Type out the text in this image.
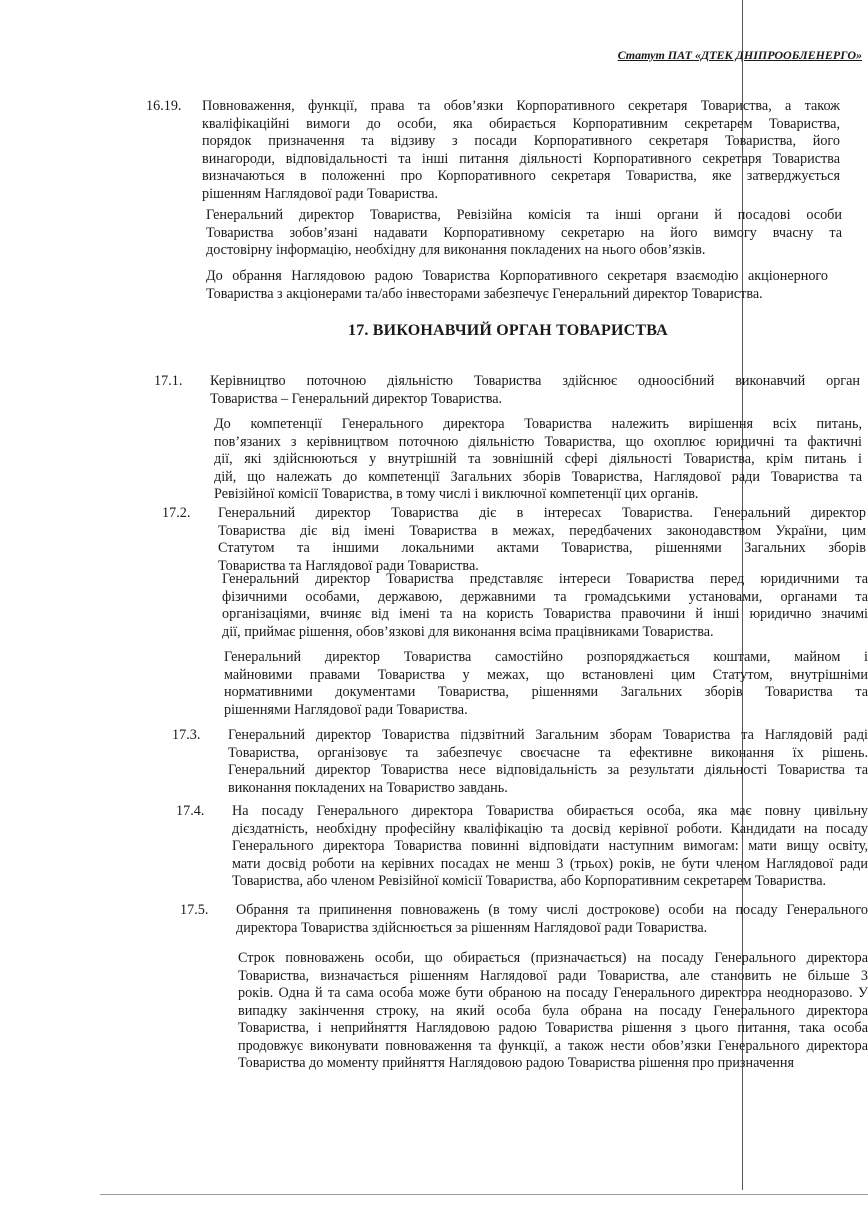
Статут ПАТ «ДТЕК ДНІПРООБЛЕНЕРГО»
17. ВИКОНАВЧИЙ ОРГАН ТОВАРИСТВА
16.19. Повноваження, функції, права та обов’язки Корпоративного секретаря Товариства, а також
кваліфікаційні вимоги до особи, яка обирається Корпоративним секретарем Товариства,
порядок призначення та відзиву з посади Корпоративного секретаря Товариства, його
винагороди, відповідальності та інші питання діяльності Корпоративного секретаря Товариства
визначаються в положенні про Корпоративного секретаря Товариства, яке затверджується
рішенням Наглядової ради Товариства.
Генеральний директор Товариства, Ревізійна комісія та інші органи й посадові особи
Товариства зобов’язані надавати Корпоративному секретарю на його вимогу вчасну та
достовірну інформацію, необхідну для виконання покладених на нього обов’язків.
До обрання Наглядовою радою Товариства Корпоративного секретаря взаємодію акціонерного
Товариства з акціонерами та/або інвесторами забезпечує Генеральний директор Товариства.
17.1. Керівництво поточною діяльністю Товариства здійснює одноосібний виконавчий орган
Товариства – Генеральний директор Товариства.
До компетенції Генерального директора Товариства належить вирішення всіх питань,
пов’язаних з керівництвом поточною діяльністю Товариства, що охоплює юридичні та фактичні
дії, які здійснюються у внутрішній та зовнішній сфері діяльності Товариства, крім питань і
дій, що належать до компетенції Загальних зборів Товариства, Наглядової ради Товариства та
Ревізійної комісії Товариства, в тому числі і виключної компетенції цих органів.
17.2. Генеральний директор Товариства діє в інтересах Товариства. Генеральний директор
Товариства діє від імені Товариства в межах, передбачених законодавством України, цим
Статутом та іншими локальними актами Товариства, рішеннями Загальних зборів
Товариства та Наглядової ради Товариства.
Генеральний директор Товариства представляє інтереси Товариства перед юридичними та
фізичними особами, державою, державними та громадськими установами, органами та
організаціями, вчиняє від імені та на користь Товариства правочини й інші юридично значимі
дії, приймає рішення, обов’язкові для виконання всіма працівниками Товариства.
Генеральний директор Товариства самостійно розпоряджається коштами, майном і
майновими правами Товариства у межах, що встановлені цим Статутом, внутрішніми
нормативними документами Товариства, рішеннями Загальних зборів Товариства та
рішеннями Наглядової ради Товариства.
17.3. Генеральний директор Товариства підзвітний Загальним зборам Товариства та Наглядовій раді
Товариства, організовує та забезпечує своєчасне та ефективне виконання їх рішень.
Генеральний директор Товариства несе відповідальність за результати діяльності Товариства та
виконання покладених на Товариство завдань.
17.4. На посаду Генерального директора Товариства обирається особа, яка має повну цивільну
дієздатність, необхідну професійну кваліфікацію та досвід керівної роботи. Кандидати на посаду
Генерального директора Товариства повинні відповідати наступним вимогам: мати вищу освіту,
мати досвід роботи на керівних посадах не менш 3 (трьох) років, не бути членом Наглядової ради
Товариства, або членом Ревізійної комісії Товариства, або Корпоративним секретарем Товариства.
17.5. Обрання та припинення повноважень (в тому числі дострокове) особи на посаду Генерального
директора Товариства здійснюється за рішенням Наглядової ради Товариства.
Строк повноважень особи, що обирається (призначається) на посаду Генерального директора
Товариства, визначається рішенням Наглядової ради Товариства, але становить не більше 3
років. Одна й та сама особа може бути обраною на посаду Генерального директора неодноразово. У
випадку закінчення строку, на який особа була обрана на посаду Генерального директора
Товариства, і неприйняття Наглядовою радою Товариства рішення з цього питання, така особа
продовжує виконувати повноваження та функції, а також нести обов’язки Генерального директора
Товариства до моменту прийняття Наглядовою радою Товариства рішення про призначення
